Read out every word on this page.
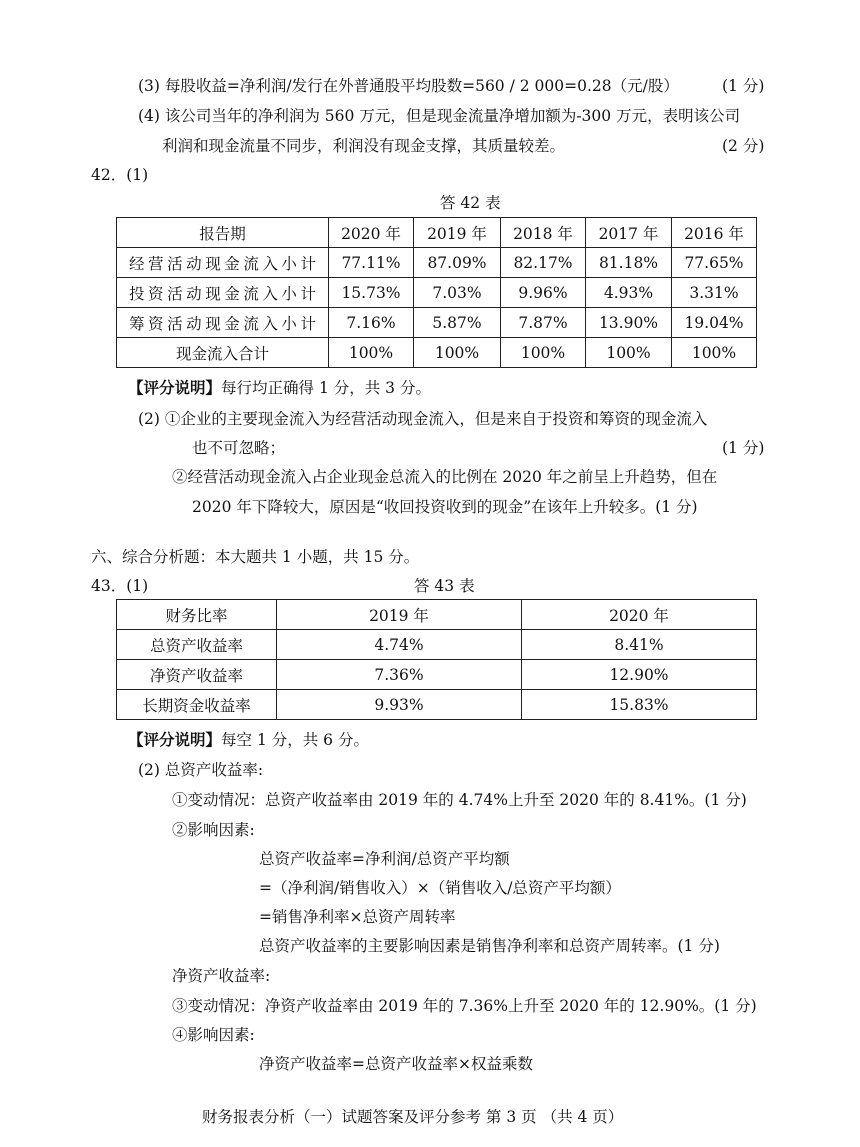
(3) 每股收益=净利润/发行在外普通股平均股数=560 / 2 000=0.28（元/股）	(1 分)
(4) 该公司当年的净利润为 560 万元，但是现金流量净增加额为-300 万元，表明该公司
利润和现金流量不同步，利润没有现金支撑，其质量较差。	(2 分)
42．(1)
答 42 表
报告期	2020 年	2019 年	2018 年	2017 年	2016 年
经营活动现金流入小计	77.11%	87.09%	82.17%	81.18%	77.65%
投资活动现金流入小计	15.73%	7.03%	9.96%	4.93%	3.31%
筹资活动现金流入小计	7.16%	5.87%	7.87%	13.90%	19.04%
现金流入合计	100%	100%	100%	100%	100%
【评分说明】每行均正确得 1 分，共 3 分。
(2) ①企业的主要现金流入为经营活动现金流入，但是来自于投资和筹资的现金流入
也不可忽略；	(1 分)
②经营活动现金流入占企业现金总流入的比例在 2020 年之前呈上升趋势，但在
2020 年下降较大，原因是“收回投资收到的现金”在该年上升较多。(1 分)
六、综合分析题：本大题共 1 小题，共 15 分。
43．(1)	答 43 表
财务比率	2019 年	2020 年
总资产收益率	4.74%	8.41%
净资产收益率	7.36%	12.90%
长期资金收益率	9.93%	15.83%
【评分说明】每空 1 分，共 6 分。
(2) 总资产收益率:
①变动情况：总资产收益率由 2019 年的 4.74%上升至 2020 年的 8.41%。(1 分)
②影响因素:
总资产收益率=净利润/总资产平均额
=（净利润/销售收入）×（销售收入/总资产平均额）
=销售净利率×总资产周转率
总资产收益率的主要影响因素是销售净利率和总资产周转率。(1 分)
净资产收益率:
③变动情况：净资产收益率由 2019 年的 7.36%上升至 2020 年的 12.90%。(1 分)
④影响因素:
净资产收益率=总资产收益率×权益乘数
财务报表分析（一）试题答案及评分参考 第 3 页 （共 4 页）
